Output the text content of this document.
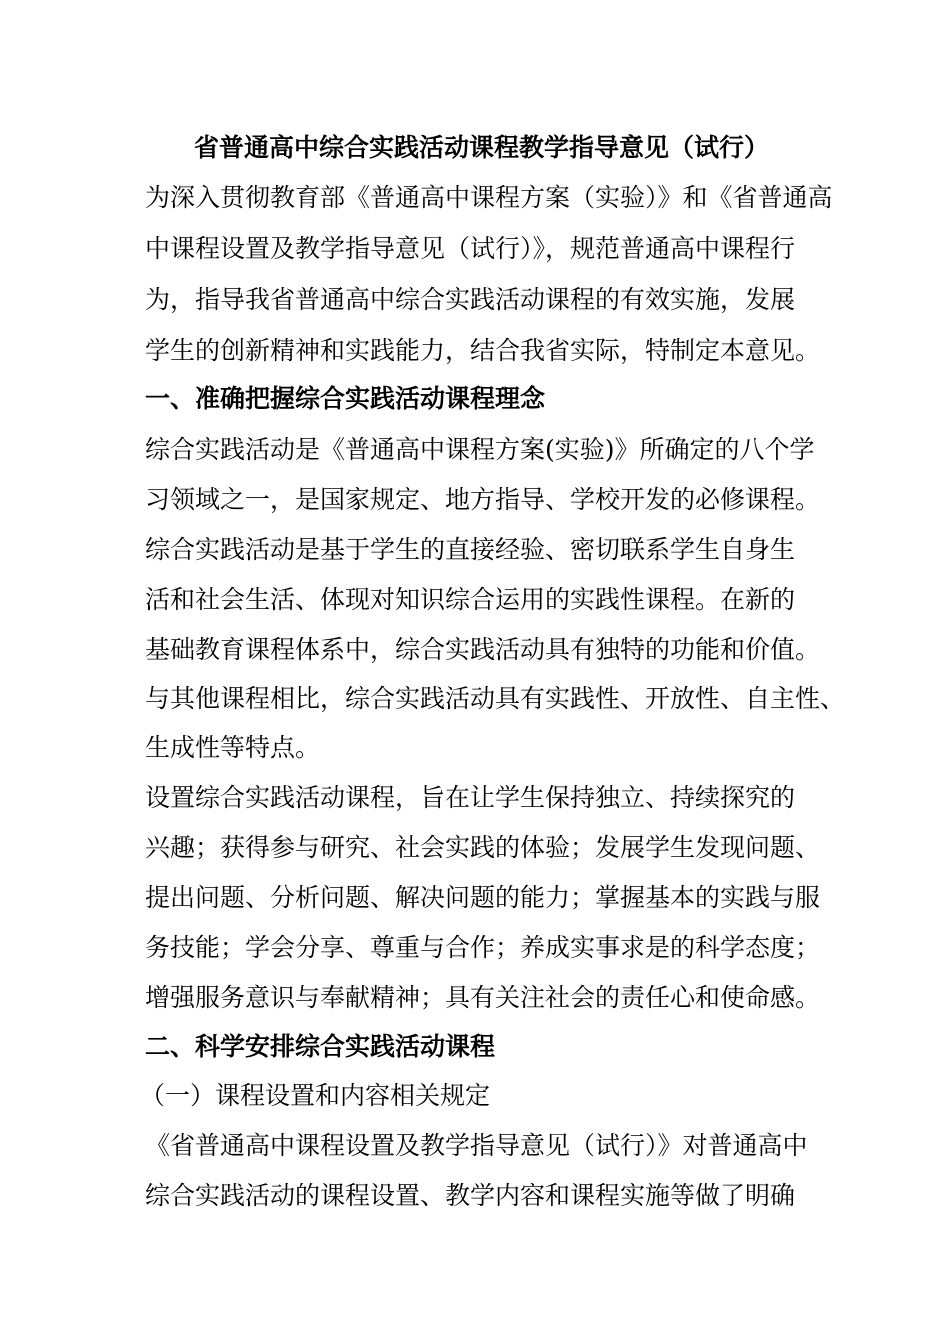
省普通高中综合实践活动课程教学指导意见（试行）
为深入贯彻教育部《普通高中课程方案（实验）》和《省普通高
中课程设置及教学指导意见（试行）》，规范普通高中课程行
为，指导我省普通高中综合实践活动课程的有效实施，发展
学生的创新精神和实践能力，结合我省实际，特制定本意见。
一、准确把握综合实践活动课程理念
综合实践活动是《普通高中课程方案(实验)》所确定的八个学
习领域之一，是国家规定、地方指导、学校开发的必修课程。
综合实践活动是基于学生的直接经验、密切联系学生自身生
活和社会生活、体现对知识综合运用的实践性课程。在新的
基础教育课程体系中，综合实践活动具有独特的功能和价值。
与其他课程相比，综合实践活动具有实践性、开放性、自主性、
生成性等特点。
设置综合实践活动课程，旨在让学生保持独立、持续探究的
兴趣；获得参与研究、社会实践的体验；发展学生发现问题、
提出问题、分析问题、解决问题的能力；掌握基本的实践与服
务技能；学会分享、尊重与合作；养成实事求是的科学态度；
增强服务意识与奉献精神；具有关注社会的责任心和使命感。
二、科学安排综合实践活动课程
（一）课程设置和内容相关规定
《省普通高中课程设置及教学指导意见（试行）》对普通高中
综合实践活动的课程设置、教学内容和课程实施等做了明确
